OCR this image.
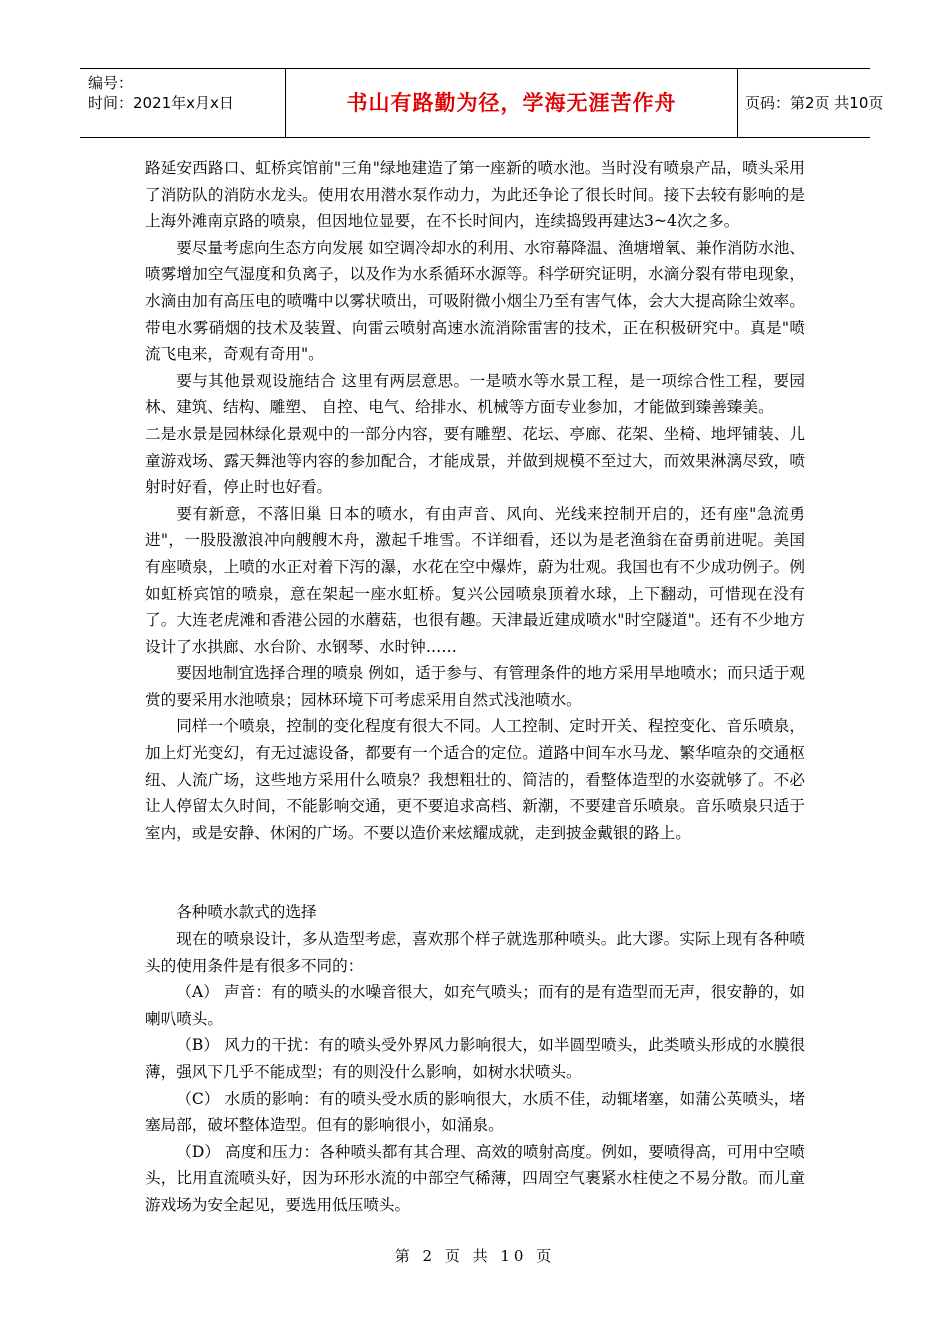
编号：
时间：2021年x月x日	书山有路勤为径，学海无涯苦作舟	页码：第2页 共10页

路延安西路口、虹桥宾馆前"三角"绿地建造了第一座新的喷水池。当时没有喷泉产品，喷头采用了消防队的消防水龙头。使用农用潜水泵作动力，为此还争论了很长时间。接下去较有影响的是上海外滩南京路的喷泉，但因地位显要，在不长时间内，连续捣毁再建达3~4次之多。

要尽量考虑向生态方向发展 如空调冷却水的利用、水帘幕降温、渔塘增氧、兼作消防水池、喷雾增加空气湿度和负离子，以及作为水系循环水源等。科学研究证明，水滴分裂有带电现象，水滴由加有高压电的喷嘴中以雾状喷出，可吸附微小烟尘乃至有害气体，会大大提高除尘效率。带电水雾硝烟的技术及装置、向雷云喷射高速水流消除雷害的技术，正在积极研究中。真是"喷流飞电来，奇观有奇用"。

要与其他景观设施结合 这里有两层意思。一是喷水等水景工程，是一项综合性工程，要园林、建筑、结构、雕塑、 自控、电气、给排水、机械等方面专业参加，才能做到臻善臻美。

二是水景是园林绿化景观中的一部分内容，要有雕塑、花坛、亭廊、花架、坐椅、地坪铺装、儿童游戏场、露天舞池等内容的参加配合，才能成景，并做到规模不至过大，而效果淋漓尽致，喷射时好看，停止时也好看。

要有新意，不落旧巢 日本的喷水，有由声音、风向、光线来控制开启的，还有座"急流勇进"，一股股激浪冲向艘艘木舟，激起千堆雪。不详细看，还以为是老渔翁在奋勇前进呢。美国有座喷泉，上喷的水正对着下泻的瀑，水花在空中爆炸，蔚为壮观。我国也有不少成功例子。例如虹桥宾馆的喷泉，意在架起一座水虹桥。复兴公园喷泉顶着水球，上下翻动，可惜现在没有了。大连老虎滩和香港公园的水蘑菇，也很有趣。天津最近建成喷水"时空隧道"。还有不少地方设计了水拱廊、水台阶、水钢琴、水时钟……

要因地制宜选择合理的喷泉 例如，适于参与、有管理条件的地方采用旱地喷水；而只适于观赏的要采用水池喷泉；园林环境下可考虑采用自然式浅池喷水。

同样一个喷泉，控制的变化程度有很大不同。人工控制、定时开关、程控变化、音乐喷泉，加上灯光变幻，有无过滤设备，都要有一个适合的定位。道路中间车水马龙、繁华喧杂的交通枢纽、人流广场，这些地方采用什么喷泉？我想粗壮的、简洁的，看整体造型的水姿就够了。不必让人停留太久时间，不能影响交通，更不要追求高档、新潮，不要建音乐喷泉。音乐喷泉只适于室内，或是安静、休闲的广场。不要以造价来炫耀成就，走到披金戴银的路上。

各种喷水款式的选择

现在的喷泉设计，多从造型考虑，喜欢那个样子就选那种喷头。此大谬。实际上现有各种喷头的使用条件是有很多不同的：

（A） 声音：有的喷头的水噪音很大，如充气喷头；而有的是有造型而无声，很安静的，如喇叭喷头。

（B） 风力的干扰：有的喷头受外界风力影响很大，如半圆型喷头，此类喷头形成的水膜很薄，强风下几乎不能成型；有的则没什么影响，如树水状喷头。

（C） 水质的影响：有的喷头受水质的影响很大，水质不佳，动辄堵塞，如蒲公英喷头，堵塞局部，破坏整体造型。但有的影响很小，如涌泉。

（D） 高度和压力：各种喷头都有其合理、高效的喷射高度。例如，要喷得高，可用中空喷头，比用直流喷头好，因为环形水流的中部空气稀薄，四周空气裹紧水柱使之不易分散。而儿童游戏场为安全起见，要选用低压喷头。

第 2 页 共 10 页
